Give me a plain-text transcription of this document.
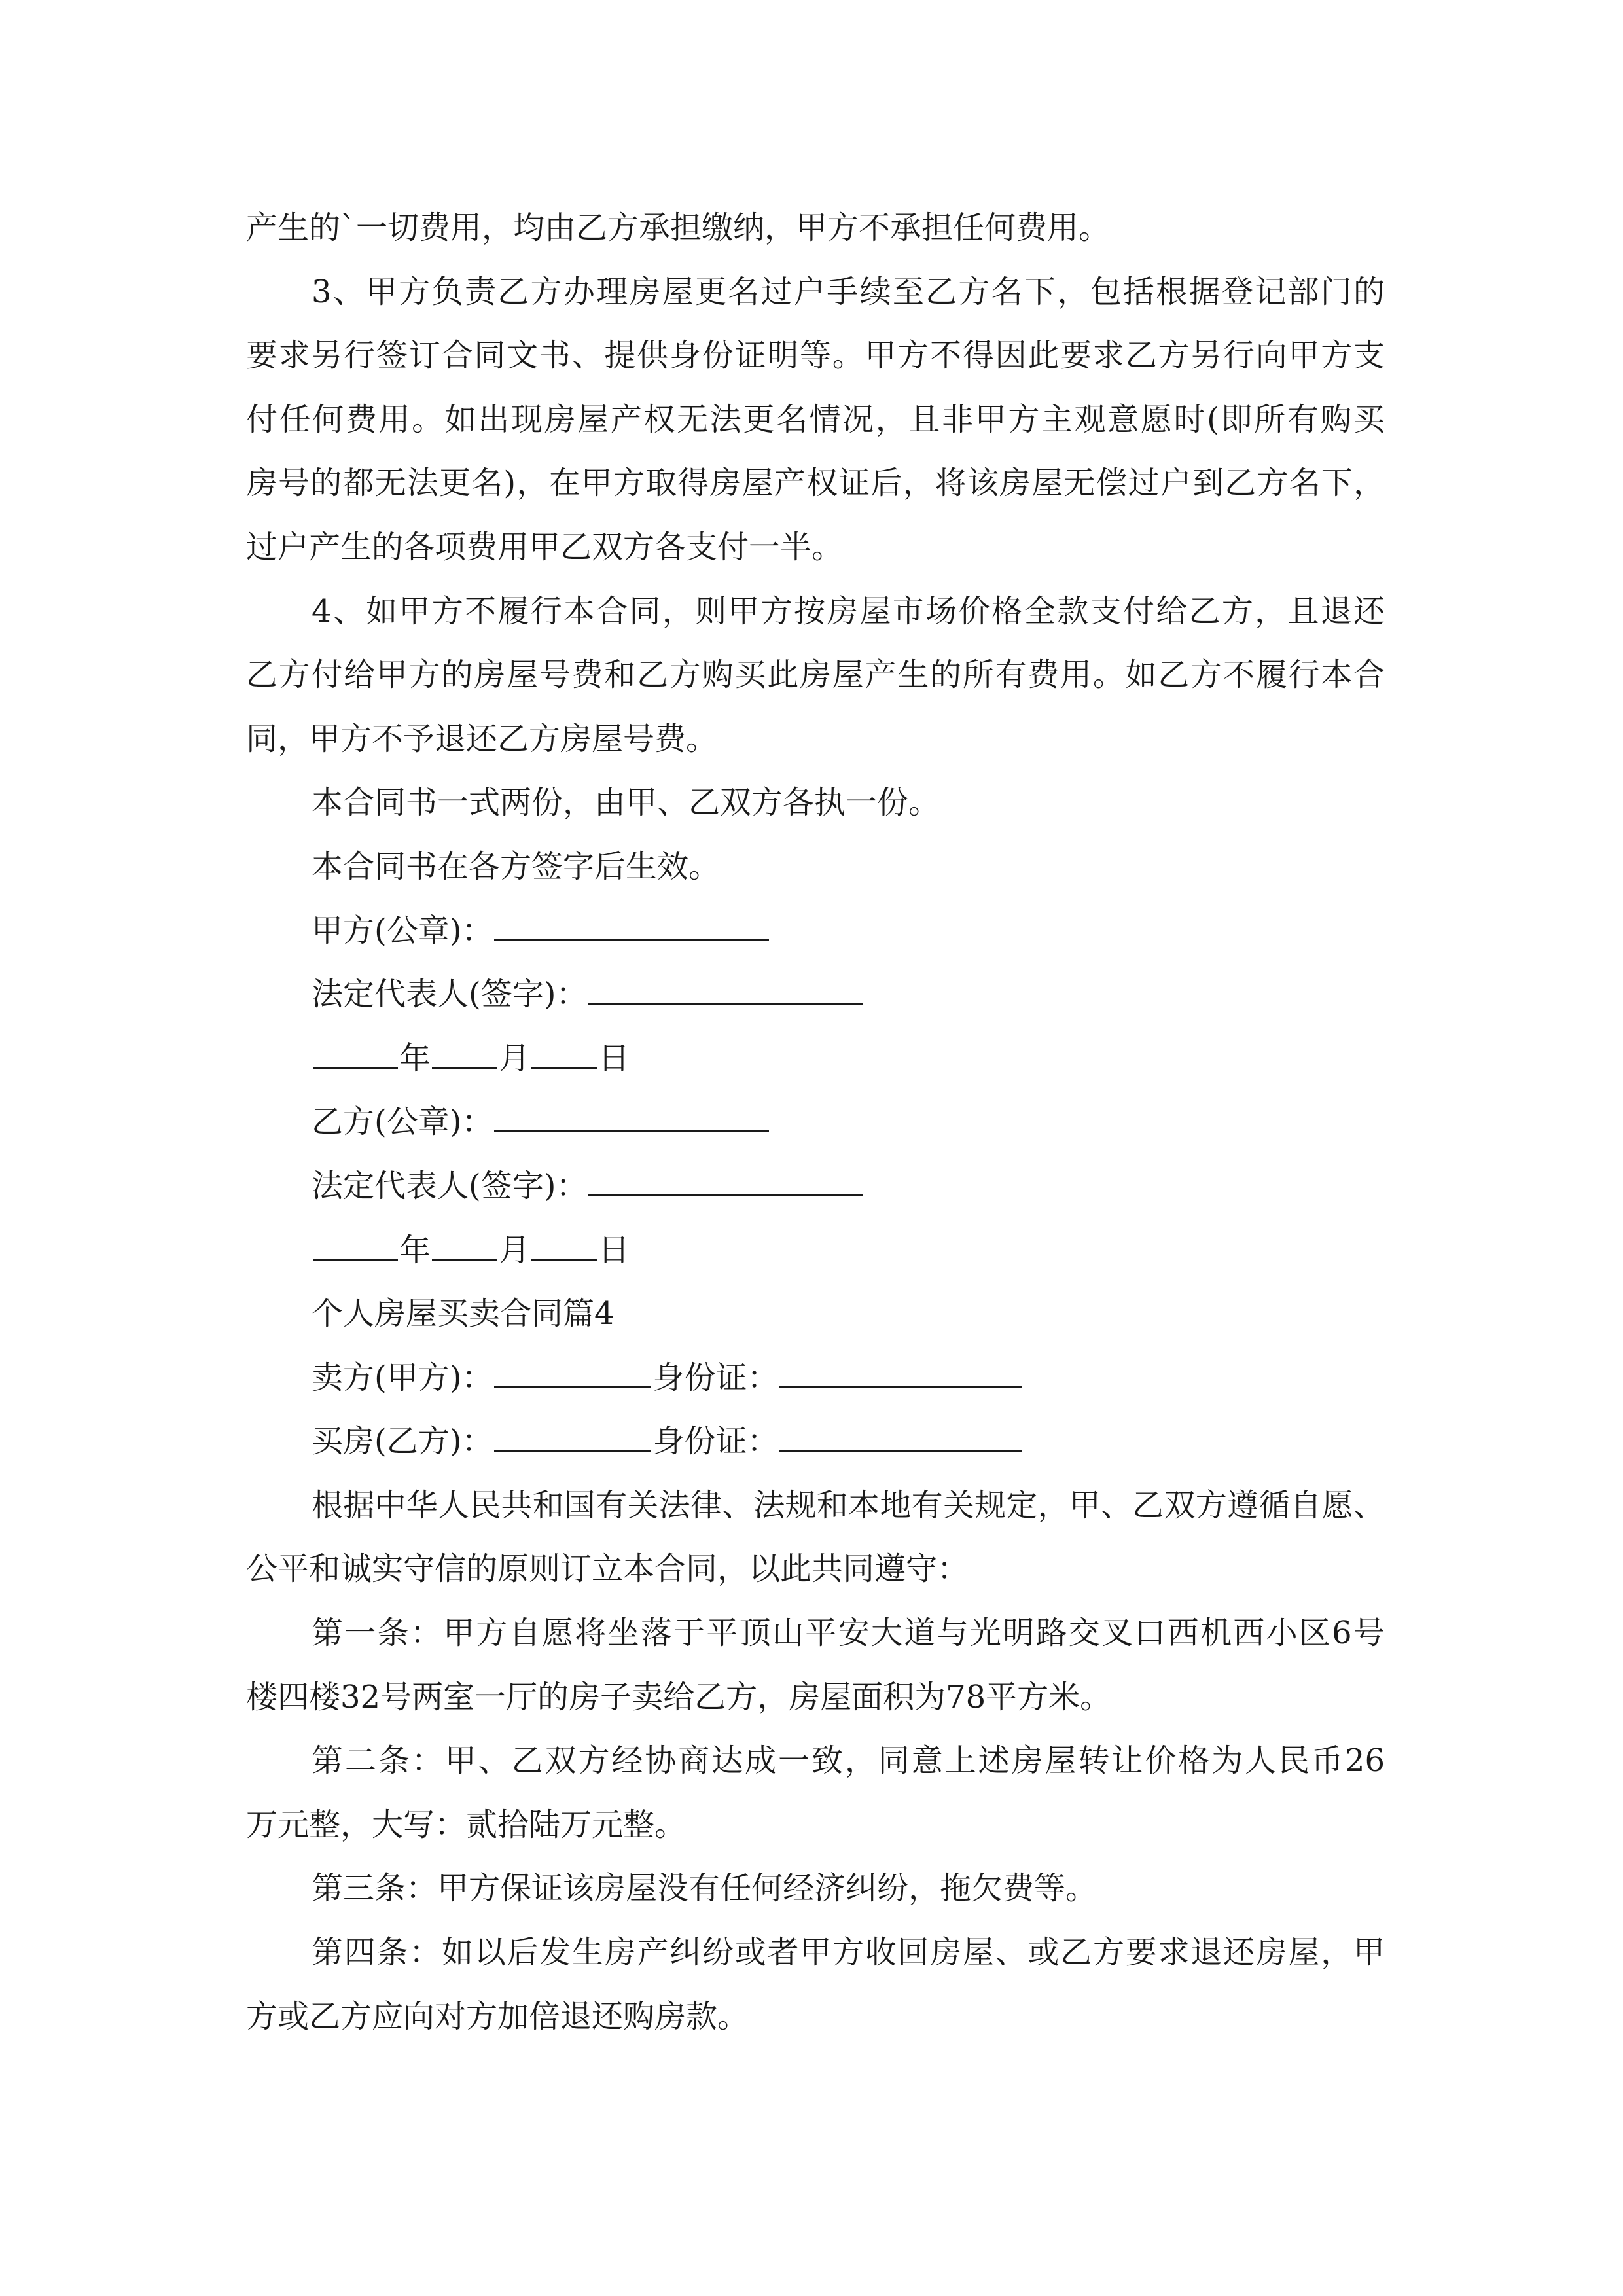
产生的`一切费用，均由乙方承担缴纳，甲方不承担任何费用。
3、甲方负责乙方办理房屋更名过户手续至乙方名下，包括根据登记部门的
要求另行签订合同文书、提供身份证明等。甲方不得因此要求乙方另行向甲方支
付任何费用。如出现房屋产权无法更名情况，且非甲方主观意愿时(即所有购买
房号的都无法更名)，在甲方取得房屋产权证后，将该房屋无偿过户到乙方名下，
过户产生的各项费用甲乙双方各支付一半。
4、如甲方不履行本合同，则甲方按房屋市场价格全款支付给乙方，且退还
乙方付给甲方的房屋号费和乙方购买此房屋产生的所有费用。如乙方不履行本合
同，甲方不予退还乙方房屋号费。
本合同书一式两份，由甲、乙双方各执一份。
本合同书在各方签字后生效。
甲方(公章)：
法定代表人(签字)：
年 月 日
乙方(公章)：
法定代表人(签字)：
年 月 日
个人房屋买卖合同篇4
卖方(甲方)：	身份证：
买房(乙方)：	身份证：
根据中华人民共和国有关法律、法规和本地有关规定，甲、乙双方遵循自愿、
公平和诚实守信的原则订立本合同，以此共同遵守：
第一条：甲方自愿将坐落于平顶山平安大道与光明路交叉口西机西小区6号
楼四楼32号两室一厅的房子卖给乙方，房屋面积为78平方米。
第二条：甲、乙双方经协商达成一致，同意上述房屋转让价格为人民币26
万元整，大写：贰拾陆万元整。
第三条：甲方保证该房屋没有任何经济纠纷，拖欠费等。
第四条：如以后发生房产纠纷或者甲方收回房屋、或乙方要求退还房屋，甲
方或乙方应向对方加倍退还购房款。
